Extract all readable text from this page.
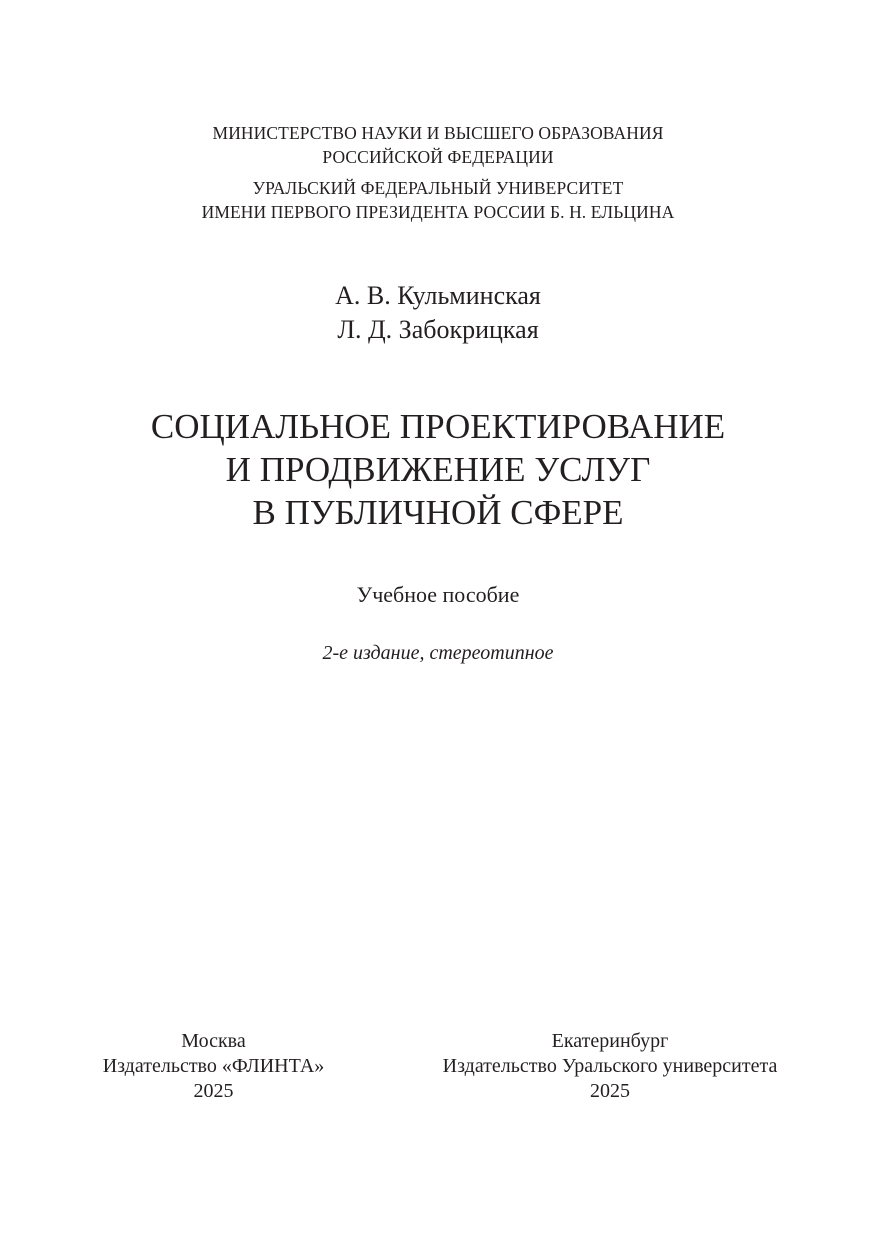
МИНИСТЕРСТВО НАУКИ И ВЫСШЕГО ОБРАЗОВАНИЯ
РОССИЙСКОЙ ФЕДЕРАЦИИ
УРАЛЬСКИЙ ФЕДЕРАЛЬНЫЙ УНИВЕРСИТЕТ
ИМЕНИ ПЕРВОГО ПРЕЗИДЕНТА РОССИИ Б. Н. ЕЛЬЦИНА
А. В. Кульминская
Л. Д. Забокрицкая
СОЦИАЛЬНОЕ ПРОЕКТИРОВАНИЕ
И ПРОДВИЖЕНИЕ УСЛУГ
В ПУБЛИЧНОЙ СФЕРЕ
Учебное пособие
2-е издание, стереотипное
Москва
Издательство «ФЛИНТА»
2025
Екатеринбург
Издательство Уральского университета
2025
